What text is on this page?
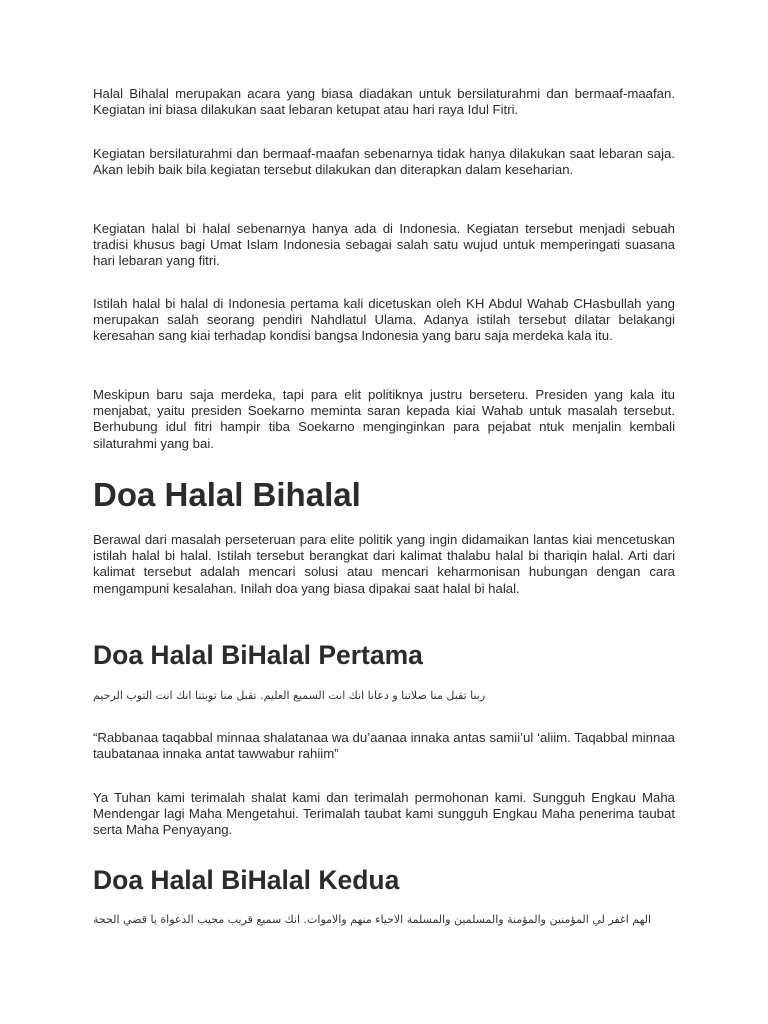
Halal Bihalal merupakan acara yang biasa diadakan untuk bersilaturahmi dan bermaaf-maafan. Kegiatan ini biasa dilakukan saat lebaran ketupat atau hari raya Idul Fitri.

Kegiatan bersilaturahmi dan bermaaf-maafan sebenarnya tidak hanya dilakukan saat lebaran saja. Akan lebih baik bila kegiatan tersebut dilakukan dan diterapkan dalam keseharian.

Kegiatan halal bi halal sebenarnya hanya ada di Indonesia. Kegiatan tersebut menjadi sebuah tradisi khusus bagi Umat Islam Indonesia sebagai salah satu wujud untuk memperingati suasana hari lebaran yang fitri.

Istilah halal bi halal di Indonesia pertama kali dicetuskan oleh KH Abdul Wahab CHasbullah yang merupakan salah seorang pendiri Nahdlatul Ulama. Adanya istilah tersebut dilatar belakangi keresahan sang kiai terhadap kondisi bangsa Indonesia yang baru saja merdeka kala itu.

Meskipun baru saja merdeka, tapi para elit politiknya justru berseteru. Presiden yang kala itu menjabat, yaitu presiden Soekarno meminta saran kepada kiai Wahab untuk masalah tersebut. Berhubung idul fitri hampir tiba Soekarno menginginkan para pejabat ntuk menjalin kembali silaturahmi yang bai.

Doa Halal Bihalal

Berawal dari masalah perseteruan para elite politik yang ingin didamaikan lantas kiai mencetuskan istilah halal bi halal. Istilah tersebut berangkat dari kalimat thalabu halal bi thariqin halal. Arti dari kalimat tersebut adalah mencari solusi atau mencari keharmonisan hubungan dengan cara mengampuni kesalahan. Inilah doa yang biasa dipakai saat halal bi halal.

Doa Halal BiHalal Pertama

ربنا تقبل منا صلاتنا و دعانا انك انت السميع العليم. تقبل منا توبتنا انك انت التوب الرحيم

“Rabbanaa taqabbal minnaa shalatanaa wa du’aanaa innaka antas samii’ul ‘aliim. Taqabbal minnaa taubatanaa innaka antat tawwabur rahiim”

Ya Tuhan kami terimalah shalat kami dan terimalah permohonan kami. Sungguh Engkau Maha Mendengar lagi Maha Mengetahui. Terimalah taubat kami sungguh Engkau Maha penerima taubat serta Maha Penyayang.

Doa Halal BiHalal Kedua

الهم اغفر لي المؤمنين والمؤمنة والمسلمين والمسلمة الاحياء منهم والاموات. انك سميع قريب مجيب الدعواة يا قضي الحجة
